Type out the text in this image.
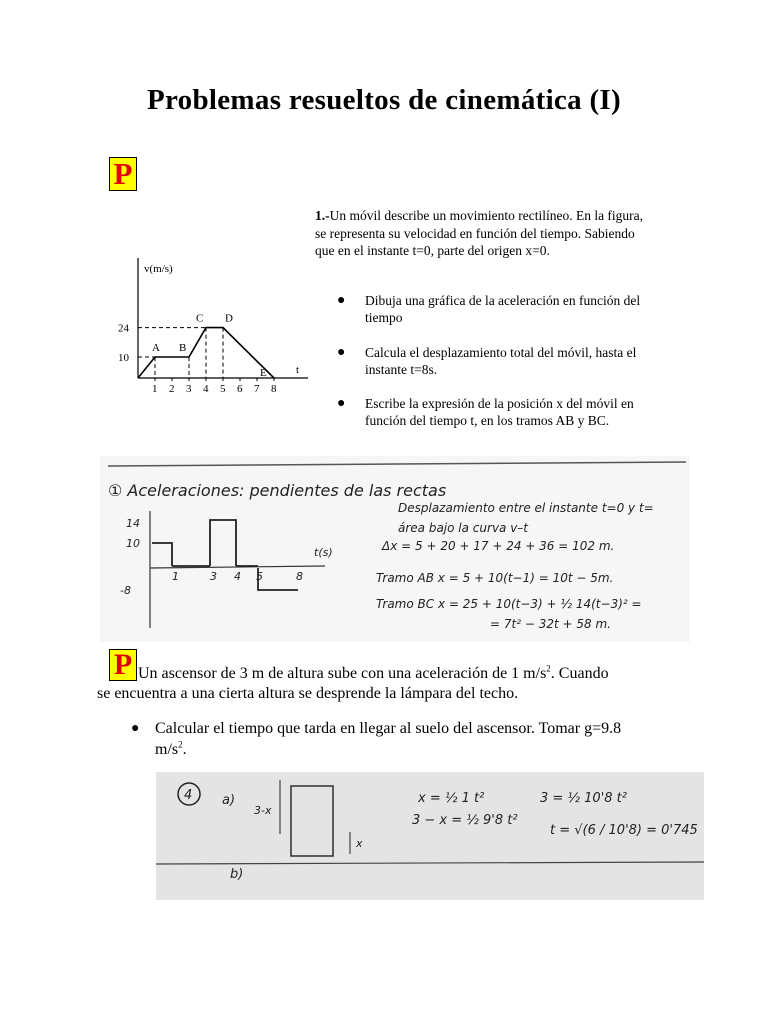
Problemas resueltos de cinemática (I)
P
v(m/s)
t
1 2 3 4 5 6 7 8
10
24
A B
C D
E
1.-Un móvil describe un movimiento rectilíneo. En la figura, se representa su velocidad en función del tiempo. Sabiendo que en el instante t=0, parte del origen x=0.
● Dibuja una gráfica de la aceleración en función del tiempo
● Calcula el desplazamiento total del móvil, hasta el instante t=8s.
● Escribe la expresión de la posición x del móvil en función del tiempo t, en los tramos AB y BC.
① Aceleraciones: pendientes de las rectas
14
10
-8
1	3 4 5	8
t(s)
Desplazamiento entre el instante t=0 y t=
área bajo la curva v–t
Δx = 5 + 20 + 17 + 24 + 36 = 102 m.
Tramo AB x = 5 + 10(t−1) = 10t − 5m.
Tramo BC x = 25 + 10(t−3) + ½ 14(t−3)² =
= 7t² − 32t + 58 m.
P Un ascensor de 3 m de altura sube con una aceleración de 1 $m/s^2$. Cuando
se encuentra a una cierta altura se desprende la lámpara del techo.
● Calcular el tiempo que tarda en llegar al suelo del ascensor. Tomar g=9.8 $m/s^2$.
4 a)
3-x
x
x = ½ 1 t²
3 − x = ½ 9'8 t²
3 = ½ 10'8 t²
t = √(6 / 10'8) = 0'745
b)
